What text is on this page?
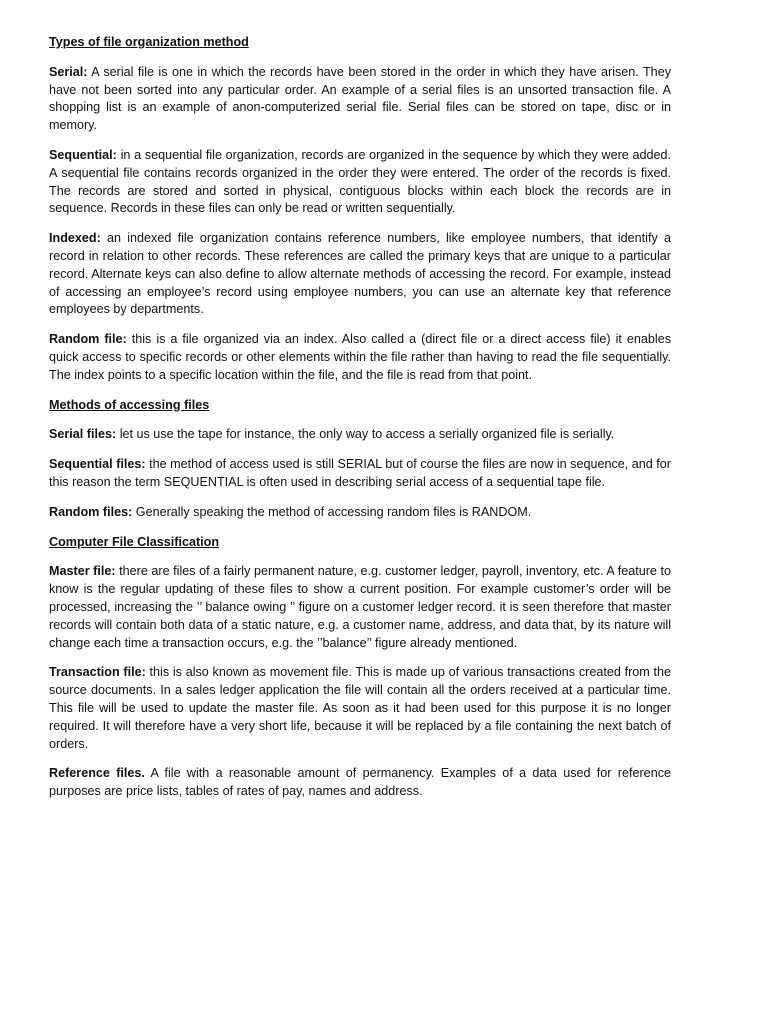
Types of file organization method

Serial: A serial file is one in which the records have been stored in the order in which they have arisen. They have not been sorted into any particular order. An example of a serial files is an unsorted transaction file. A shopping list is an example of anon-computerized serial file. Serial files can be stored on tape, disc or in memory.

Sequential: in a sequential file organization, records are organized in the sequence by which they were added. A sequential file contains records organized in the order they were entered. The order of the records is fixed. The records are stored and sorted in physical, contiguous blocks within each block the records are in sequence. Records in these files can only be read or written sequentially.

Indexed: an indexed file organization contains reference numbers, like employee numbers, that identify a record in relation to other records. These references are called the primary keys that are unique to a particular record. Alternate keys can also define to allow alternate methods of accessing the record. For example, instead of accessing an employee’s record using employee numbers, you can use an alternate key that reference employees by departments.

Random file: this is a file organized via an index. Also called a (direct file or a direct access file) it enables quick access to specific records or other elements within the file rather than having to read the file sequentially. The index points to a specific location within the file, and the file is read from that point.

Methods of accessing files

Serial files: let us use the tape for instance, the only way to access a serially organized file is serially.

Sequential files: the method of access used is still SERIAL but of course the files are now in sequence, and for this reason the term SEQUENTIAL is often used in describing serial access of a sequential tape file.

Random files: Generally speaking the method of accessing random files is RANDOM.

Computer File Classification

Master file: there are files of a fairly permanent nature, e.g. customer ledger, payroll, inventory, etc. A feature to know is the regular updating of these files to show a current position. For example customer’s order will be processed, increasing the ’’ balance owing ’’ figure on a customer ledger record. it is seen therefore that master records will contain both data of a static nature, e.g. a customer name, address, and data that, by its nature will change each time a transaction occurs, e.g. the ’’balance’’ figure already mentioned.

Transaction file: this is also known as movement file. This is made up of various transactions created from the source documents. In a sales ledger application the file will contain all the orders received at a particular time. This file will be used to update the master file. As soon as it had been used for this purpose it is no longer required. It will therefore have a very short life, because it will be replaced by a file containing the next batch of orders.

Reference files. A file with a reasonable amount of permanency. Examples of a data used for reference purposes are price lists, tables of rates of pay, names and address.
